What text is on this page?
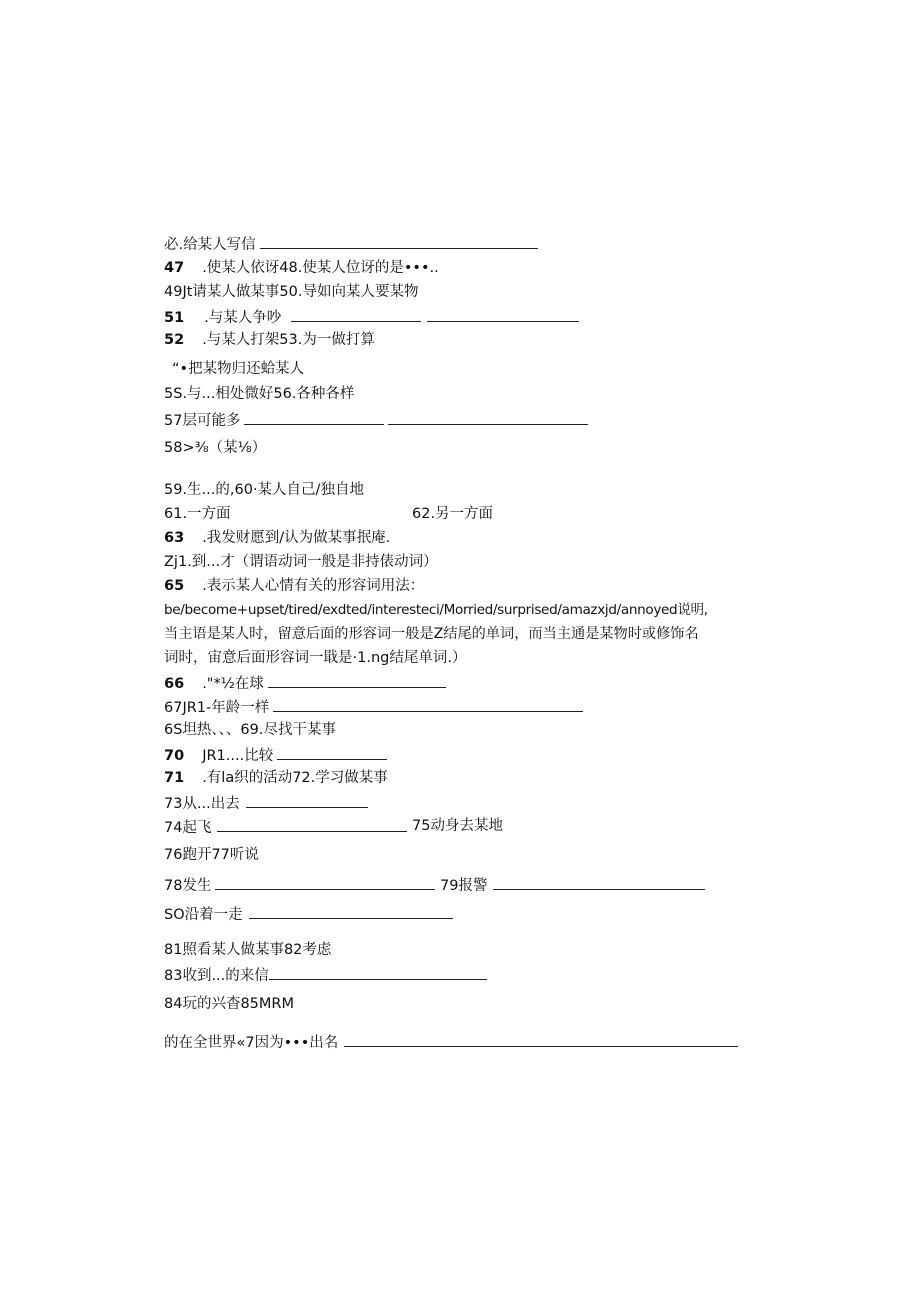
必.给某人写信
47 .使某人依讶48.使某人位讶的是•••..
49Jt请某人做某事50.导如向某人要某物
51 .与某人争吵
52 .与某人打架53.为一做打算
“•把某物归还蛤某人
5S.与...相处微好56.各种各样
57层可能多
58>⅜（某⅛）
59.生...的,60·某人自己/独自地
61.一方面	62.另一方面
63 .我发财愿到/认为做某事抿庵.
Zj1.到...才（谓语动词一般是非持俵动词）
65 .表示某人心情有关的形容词用法：
be/become+upset/tired/exdted/interesteci/Morried/surprised/amazxjd/annoyed说明,
当主语是某人时，留意后面的形容词一般是Z结尾的单词，而当主通是某物时或修饰名
词时，宙意后面形容词一戢是·1.ng结尾单词.）
66 ."*½在球
67JR1-年龄一样
6S坦热、、、69.尽找干某事
70 JR1....比较
71 .有la织的活动72.学习做某事
73从...出去
74起飞	75动身去某地
76跑开77听说
78发生	79报警
SO沿着一走
81照看某人做某事82考虑
83收到...的来信
84玩的兴杳85MRM
的在全世界«7因为•••出名
